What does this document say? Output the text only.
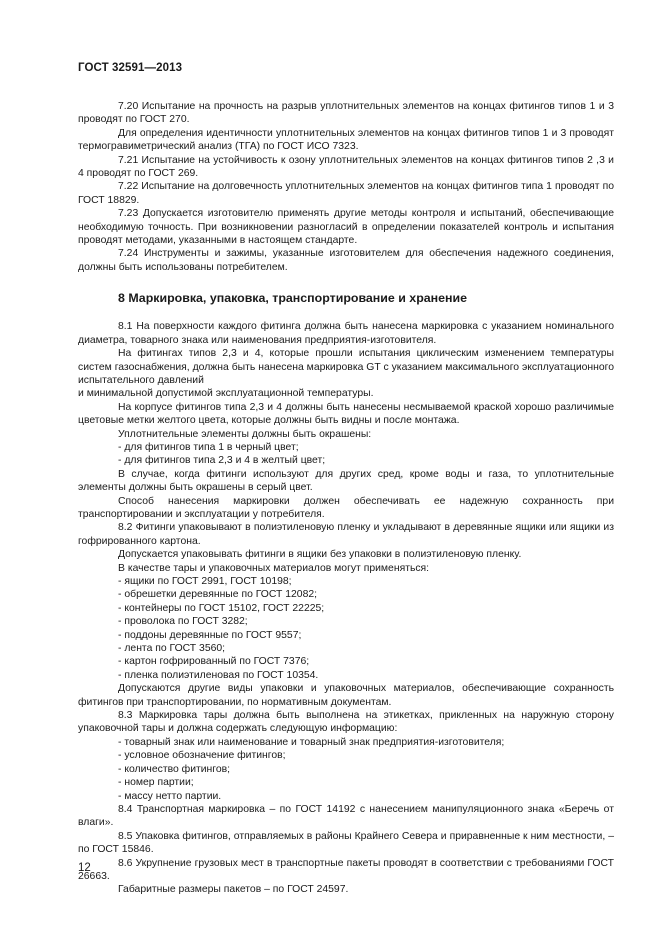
ГОСТ 32591—2013

7.20 Испытание на прочность на разрыв уплотнительных элементов на концах фитингов типов 1 и 3 проводят по ГОСТ 270.

Для определения идентичности уплотнительных элементов на концах фитингов типов 1 и 3 проводят термогравиметрический анализ (ТГА) по ГОСТ ИСО 7323.

7.21 Испытание на устойчивость к озону уплотнительных элементов на концах фитингов типов 2 ,3 и 4 проводят по ГОСТ 269.

7.22 Испытание на долговечность уплотнительных элементов на концах фитингов типа 1 проводят по ГОСТ 18829.

7.23 Допускается изготовителю применять другие методы контроля и испытаний, обеспечивающие необходимую точность. При возникновении разногласий в определении показателей контроль и испытания проводят методами, указанными в настоящем стандарте.

7.24 Инструменты и зажимы, указанные изготовителем для обеспечения надежного соединения, должны быть использованы потребителем.

8 Маркировка, упаковка, транспортирование и хранение

8.1 На поверхности каждого фитинга должна быть нанесена маркировка с указанием номинального диаметра, товарного знака или наименования предприятия-изготовителя.

На фитингах типов 2,3 и 4, которые прошли испытания циклическим изменением температуры систем газоснабжения, должна быть нанесена маркировка GT с указанием максимального эксплуатационного испытательного давлений

и минимальной допустимой эксплуатационной температуры.

На корпусе фитингов типа 2,3 и 4 должны быть нанесены несмываемой краской хорошо различимые цветовые метки желтого цвета, которые должны быть видны и после монтажа.

Уплотнительные элементы должны быть окрашены:

- для фитингов типа 1 в черный цвет;

- для фитингов типа 2,3 и 4 в желтый цвет;

В случае, когда фитинги используют для других сред, кроме воды и газа, то уплотнительные элементы должны быть окрашены в серый цвет.

Способ нанесения маркировки должен обеспечивать ее надежную сохранность при транспортировании и эксплуатации у потребителя.

8.2 Фитинги упаковывают в полиэтиленовую пленку и укладывают в деревянные ящики или ящики из гофрированного картона.

Допускается упаковывать фитинги в ящики без упаковки в полиэтиленовую пленку.

В качестве тары и упаковочных материалов могут применяться:

- ящики по ГОСТ 2991, ГОСТ 10198;

- обрешетки деревянные по ГОСТ 12082;

- контейнеры по ГОСТ 15102, ГОСТ 22225;

- проволока по ГОСТ 3282;

- поддоны деревянные по ГОСТ 9557;

- лента по ГОСТ 3560;

- картон гофрированный по ГОСТ 7376;

- пленка полиэтиленовая по ГОСТ 10354.

Допускаются другие виды упаковки и упаковочных материалов, обеспечивающие сохранность фитингов при транспортировании, по нормативным документам.

8.3 Маркировка тары должна быть выполнена на этикетках, прикленных на наружную сторону упаковочной тары и должна содержать следующую информацию:

- товарный знак или наименование и товарный знак предприятия-изготовителя;

- условное обозначение фитингов;

- количество фитингов;

- номер партии;

- массу нетто партии.

8.4 Транспортная маркировка – по ГОСТ 14192 с нанесением манипуляционного знака «Беречь от влаги».

8.5 Упаковка фитингов, отправляемых в районы Крайнего Севера и приравненные к ним местности, – по ГОСТ 15846.

8.6 Укрупнение грузовых мест в транспортные пакеты проводят в соответствии с требованиями ГОСТ 26663.

Габаритные размеры пакетов – по ГОСТ 24597.

12
